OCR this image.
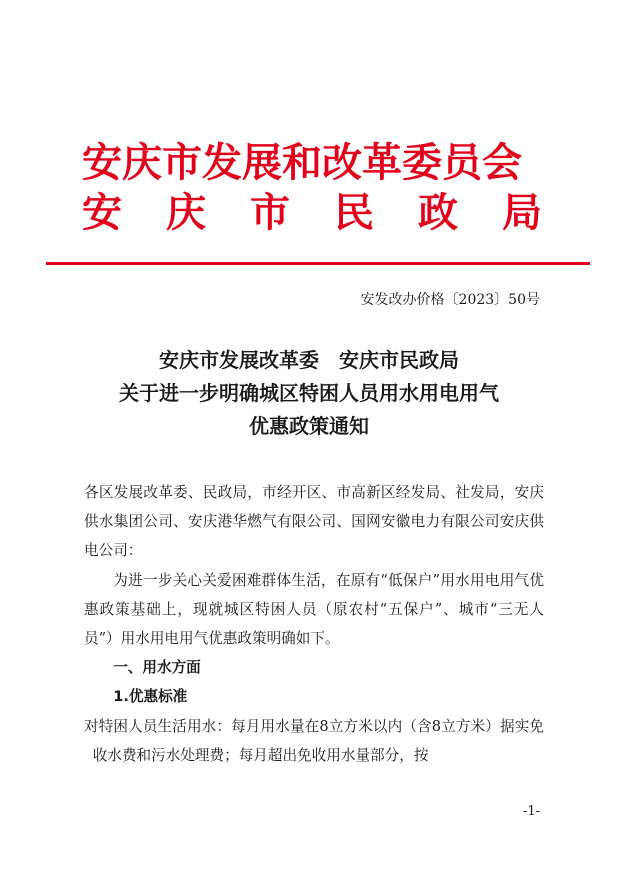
安庆市发展和改革委员会
安 庆 市 民 政 局
安发改办价格〔2023〕50号
安庆市发展改革委　安庆市民政局
关于进一步明确城区特困人员用水用电用气
优惠政策通知

各区发展改革委、民政局，市经开区、市高新区经发局、社发局，安庆供水集团公司、安庆港华燃气有限公司、国网安徽电力有限公司安庆供电公司：

为进一步关心关爱困难群体生活，在原有“低保户”用水用电用气优惠政策基础上，现就城区特困人员（原农村“五保户”、城市“三无人员”）用水用电用气优惠政策明确如下。

一、用水方面

1.优惠标准

对特困人员生活用水：每月用水量在8立方米以内（含8立方米）据实免收水费和污水处理费；每月超出免收用水量部分，按

-1-
